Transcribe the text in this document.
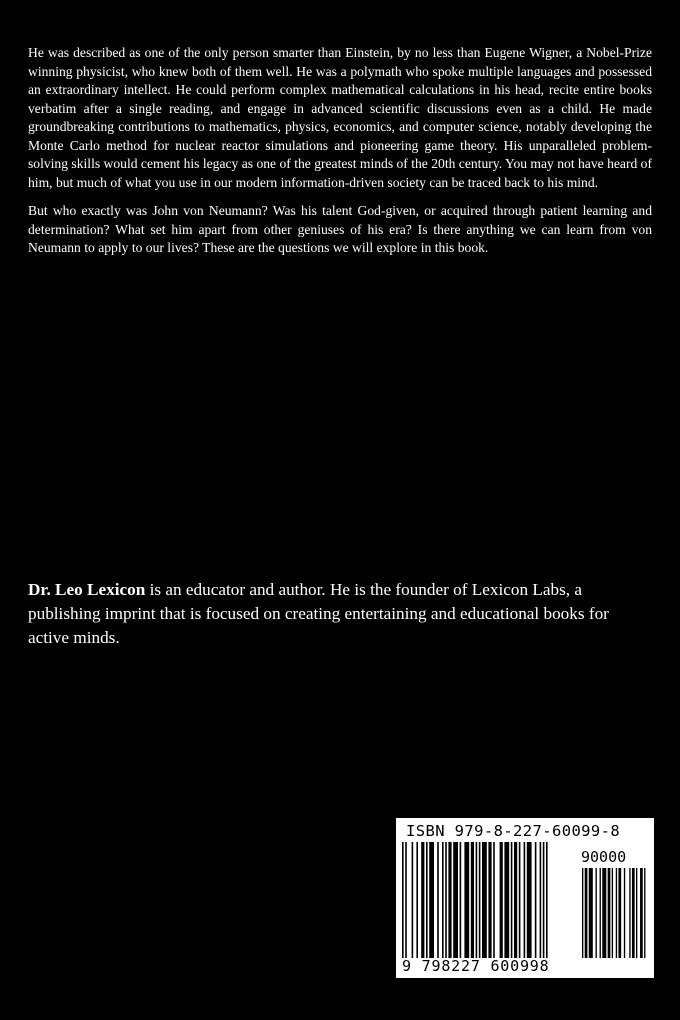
He was described as one of the only person smarter than Einstein, by no less than Eugene Wigner, a Nobel-Prize winning physicist, who knew both of them well. He was a polymath who spoke multiple languages and possessed an extraordinary intellect. He could perform complex mathematical calculations in his head, recite entire books verbatim after a single reading, and engage in advanced scientific discussions even as a child. He made groundbreaking contributions to mathematics, physics, economics, and computer science, notably developing the Monte Carlo method for nuclear reactor simulations and pioneering game theory. His unparalleled problem-solving skills would cement his legacy as one of the greatest minds of the 20th century. You may not have heard of him, but much of what you use in our modern information-driven society can be traced back to his mind.

But who exactly was John von Neumann? Was his talent God-given, or acquired through patient learning and determination? What set him apart from other geniuses of his era? Is there anything we can learn from von Neumann to apply to our lives? These are the questions we will explore in this book.

Dr. Leo Lexicon is an educator and author. He is the founder of Lexicon Labs, a publishing imprint that is focused on creating entertaining and educational books for active minds.
ISBN 979-8-227-60099-8
90000
9 798227 600998
